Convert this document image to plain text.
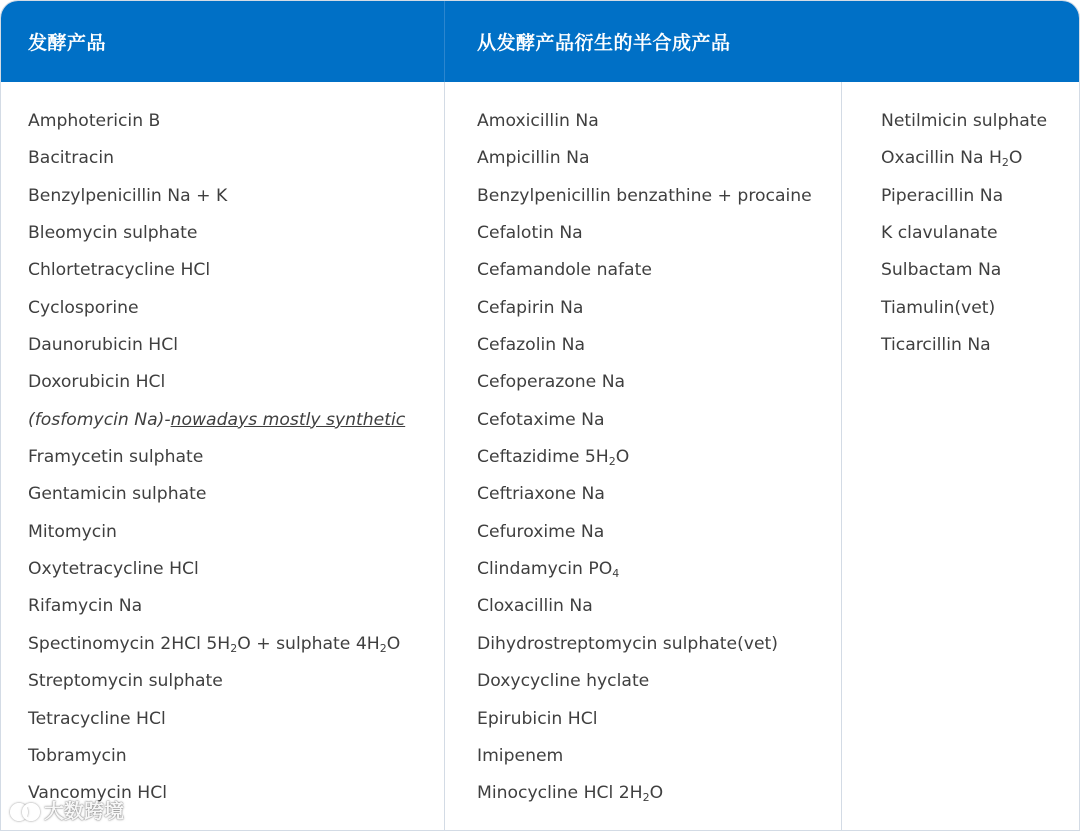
发酵产品	从发酵产品衍生的半合成产品
Amphotericin B
Bacitracin
Benzylpenicillin Na + K
Bleomycin sulphate
Chlortetracycline HCl
Cyclosporine
Daunorubicin HCl
Doxorubicin HCl
(fosfomycin Na)-nowadays mostly synthetic
Framycetin sulphate
Gentamicin sulphate
Mitomycin
Oxytetracycline HCl
Rifamycin Na
Spectinomycin 2HCl $5H_2O$ + sulphate $4H_2O$
Streptomycin sulphate
Tetracycline HCl
Tobramycin
Vancomycin HCl
Amoxicillin Na
Ampicillin Na
Benzylpenicillin benzathine + procaine
Cefalotin Na
Cefamandole nafate
Cefapirin Na
Cefazolin Na
Cefoperazone Na
Cefotaxime Na
Ceftazidime $5H_2O$
Ceftriaxone Na
Cefuroxime Na
Clindamycin $PO_4$
Cloxacillin Na
Dihydrostreptomycin sulphate(vet)
Doxycycline hyclate
Epirubicin HCl
Imipenem
Minocycline HCl $2H_2O$
Netilmicin sulphate
Oxacillin Na $H_2O$
Piperacillin Na
K clavulanate
Sulbactam Na
Tiamulin(vet)
Ticarcillin Na
大数跨境
